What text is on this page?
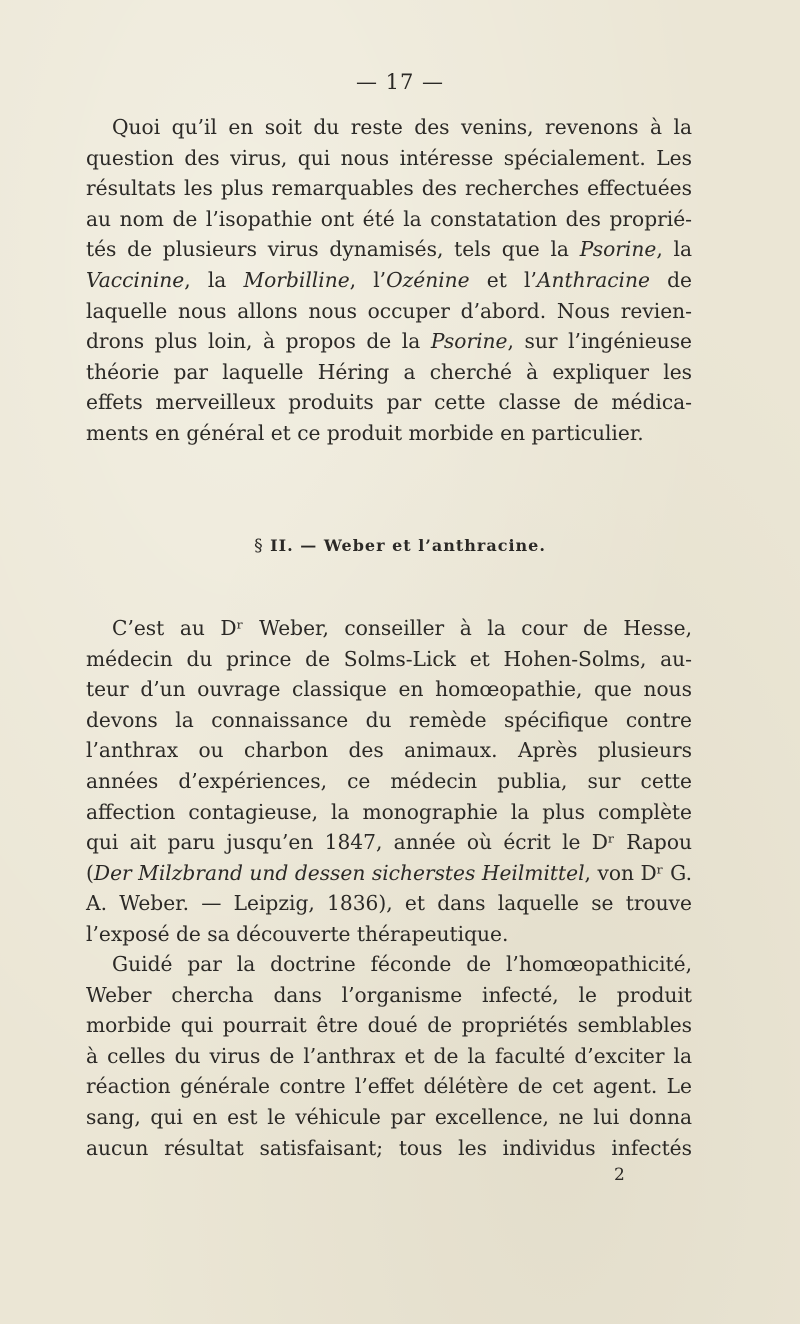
— 17 —

Quoi qu’il en soit du reste des venins, revenons à la
question des virus, qui nous intéresse spécialement. Les
résultats les plus remarquables des recherches effectuées
au nom de l’isopathie ont été la constatation des proprié-
tés de plusieurs virus dynamisés, tels que la Psorine, la
Vaccinine, la Morbilline, l’Ozénine et l’Anthracine de
laquelle nous allons nous occuper d’abord. Nous revien-
drons plus loin, à propos de la Psorine, sur l’ingénieuse
théorie par laquelle Héring a cherché à expliquer les
effets merveilleux produits par cette classe de médica-
ments en général et ce produit morbide en particulier.

§ II. — Weber et l’anthracine.

C’est au Dʳ Weber, conseiller à la cour de Hesse,
médecin du prince de Solms-Lick et Hohen-Solms, au-
teur d’un ouvrage classique en homœopathie, que nous
devons la connaissance du remède spécifique contre
l’anthrax ou charbon des animaux. Après plusieurs
années d’expériences, ce médecin publia, sur cette
affection contagieuse, la monographie la plus complète
qui ait paru jusqu’en 1847, année où écrit le Dʳ Rapou
(Der Milzbrand und dessen sicherstes Heilmittel, von Dʳ G.
A. Weber. — Leipzig, 1836), et dans laquelle se trouve
l’exposé de sa découverte thérapeutique.

Guidé par la doctrine féconde de l’homœopathicité,
Weber chercha dans l’organisme infecté, le produit
morbide qui pourrait être doué de propriétés semblables
à celles du virus de l’anthrax et de la faculté d’exciter la
réaction générale contre l’effet délétère de cet agent. Le
sang, qui en est le véhicule par excellence, ne lui donna
aucun résultat satisfaisant; tous les individus infectés

2
